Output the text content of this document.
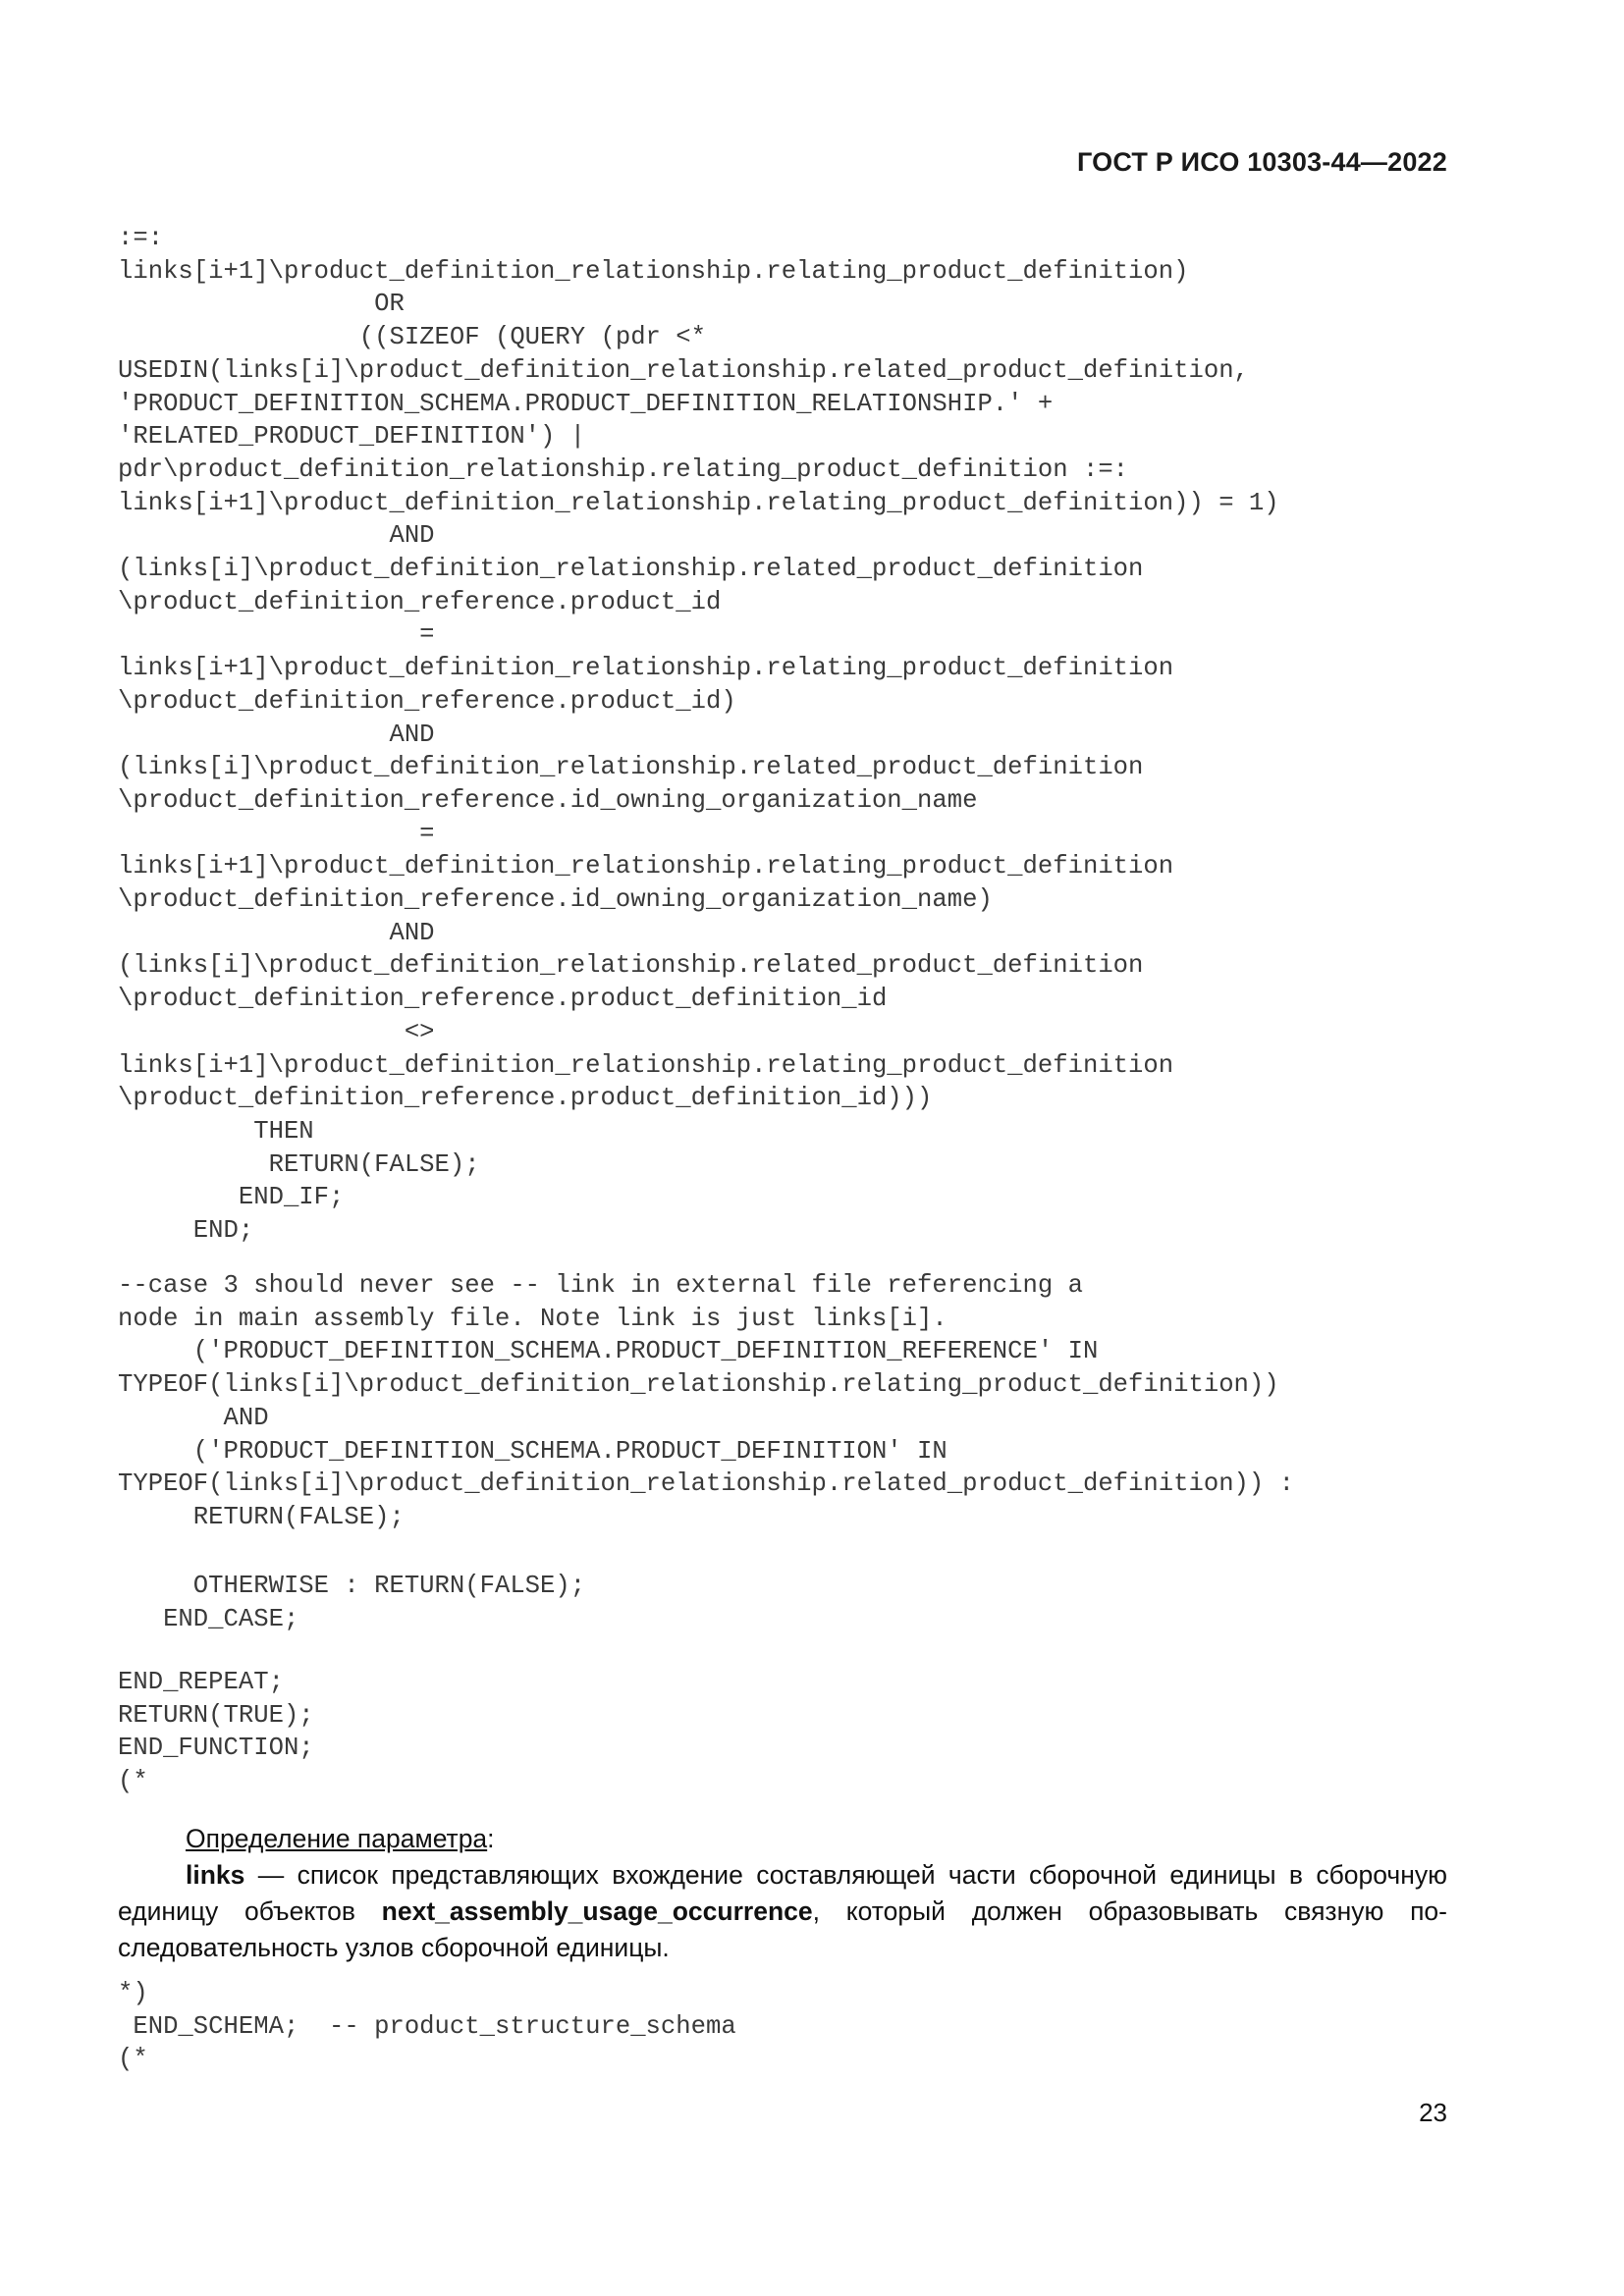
ГОСТ Р ИСО 10303-44—2022
:=:
links[i+1]\product_definition_relationship.relating_product_definition)
OR
((SIZEOF (QUERY (pdr <*
USEDIN(links[i]\product_definition_relationship.related_product_definition,
'PRODUCT_DEFINITION_SCHEMA.PRODUCT_DEFINITION_RELATIONSHIP.' +
'RELATED_PRODUCT_DEFINITION') |
pdr\product_definition_relationship.relating_product_definition :=:
links[i+1]\product_definition_relationship.relating_product_definition)) = 1)
AND
(links[i]\product_definition_relationship.related_product_definition
\product_definition_reference.product_id
=
links[i+1]\product_definition_relationship.relating_product_definition
\product_definition_reference.product_id)
AND
(links[i]\product_definition_relationship.related_product_definition
\product_definition_reference.id_owning_organization_name
=
links[i+1]\product_definition_relationship.relating_product_definition
\product_definition_reference.id_owning_organization_name)
AND
(links[i]\product_definition_relationship.related_product_definition
\product_definition_reference.product_definition_id
<>
links[i+1]\product_definition_relationship.relating_product_definition
\product_definition_reference.product_definition_id)))
THEN
RETURN(FALSE);
END_IF;
END;
--case 3 should never see -- link in external file referencing a
node in main assembly file. Note link is just links[i].
('PRODUCT_DEFINITION_SCHEMA.PRODUCT_DEFINITION_REFERENCE' IN
TYPEOF(links[i]\product_definition_relationship.relating_product_definition))
AND
('PRODUCT_DEFINITION_SCHEMA.PRODUCT_DEFINITION' IN
TYPEOF(links[i]\product_definition_relationship.related_product_definition)) :
RETURN(FALSE);
OTHERWISE : RETURN(FALSE);
END_CASE;
END_REPEAT;
RETURN(TRUE);
END_FUNCTION;
(*
Определение параметра:
links — список представляющих вхождение составляющей части сборочной единицы в сборочную единицу объектов next_assembly_usage_occurrence, который должен образовывать связную последовательность узлов сборочной единицы.
*)
END_SCHEMA;  -- product_structure_schema
(*
23
